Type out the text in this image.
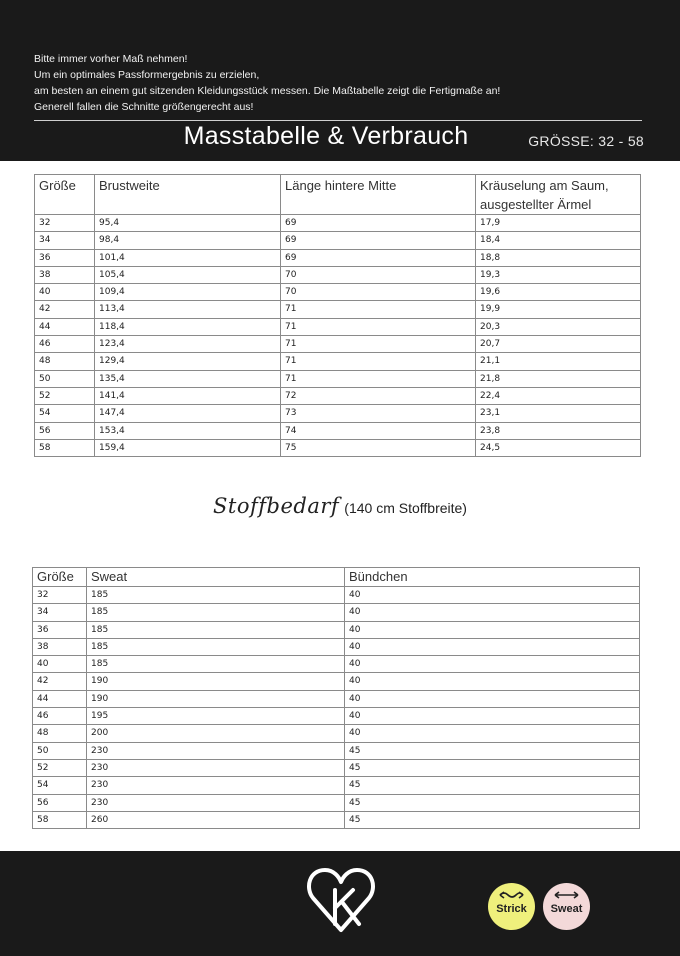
Bitte immer vorher Maß nehmen!
Um ein optimales Passformergebnis zu erzielen,
am besten an einem gut sitzenden Kleidungsstück messen. Die Maßtabelle zeigt die Fertigmaße an!
Generell fallen die Schnitte größengerecht aus!
Masstabelle & Verbrauch	GRÖSSE: 32 - 58
Größe	Brustweite	Länge hintere Mitte	Kräuselung am Saum, ausgestellter Ärmel
32	95,4	69	17,9
34	98,4	69	18,4
36	101,4	69	18,8
38	105,4	70	19,3
40	109,4	70	19,6
42	113,4	71	19,9
44	118,4	71	20,3
46	123,4	71	20,7
48	129,4	71	21,1
50	135,4	71	21,8
52	141,4	72	22,4
54	147,4	73	23,1
56	153,4	74	23,8
58	159,4	75	24,5
Stoffbedarf (140 cm Stoffbreite)
Größe	Sweat	Bündchen
32	185	40
34	185	40
36	185	40
38	185	40
40	185	40
42	190	40
44	190	40
46	195	40
48	200	40
50	230	45
52	230	45
54	230	45
56	230	45
58	260	45
Strick	Sweat
